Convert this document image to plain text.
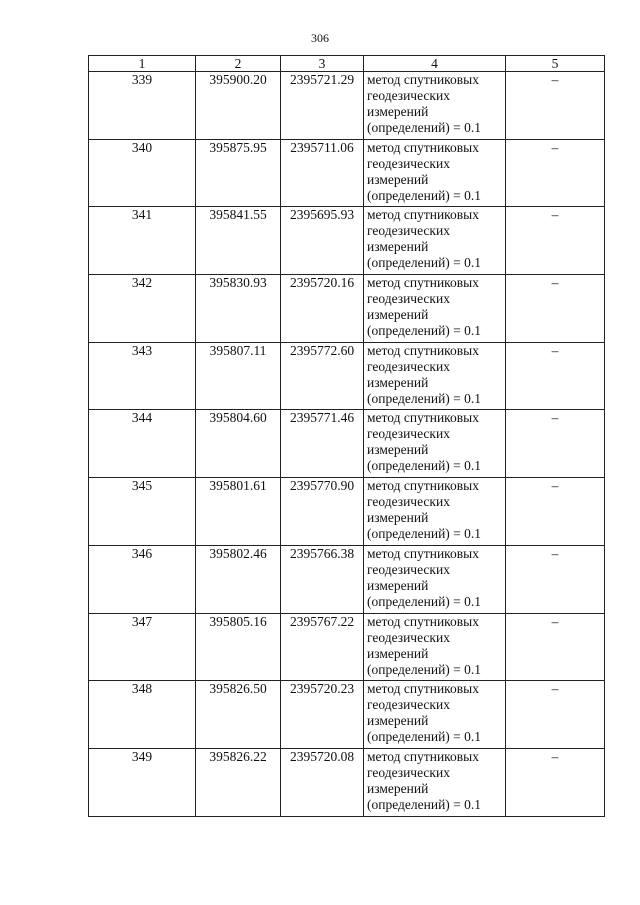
306
1	2	3	4	5
339	395900.20	2395721.29	метод спутниковых геодезических измерений (определений) = 0.1	–
340	395875.95	2395711.06	метод спутниковых геодезических измерений (определений) = 0.1	–
341	395841.55	2395695.93	метод спутниковых геодезических измерений (определений) = 0.1	–
342	395830.93	2395720.16	метод спутниковых геодезических измерений (определений) = 0.1	–
343	395807.11	2395772.60	метод спутниковых геодезических измерений (определений) = 0.1	–
344	395804.60	2395771.46	метод спутниковых геодезических измерений (определений) = 0.1	–
345	395801.61	2395770.90	метод спутниковых геодезических измерений (определений) = 0.1	–
346	395802.46	2395766.38	метод спутниковых геодезических измерений (определений) = 0.1	–
347	395805.16	2395767.22	метод спутниковых геодезических измерений (определений) = 0.1	–
348	395826.50	2395720.23	метод спутниковых геодезических измерений (определений) = 0.1	–
349	395826.22	2395720.08	метод спутниковых геодезических измерений (определений) = 0.1	–
